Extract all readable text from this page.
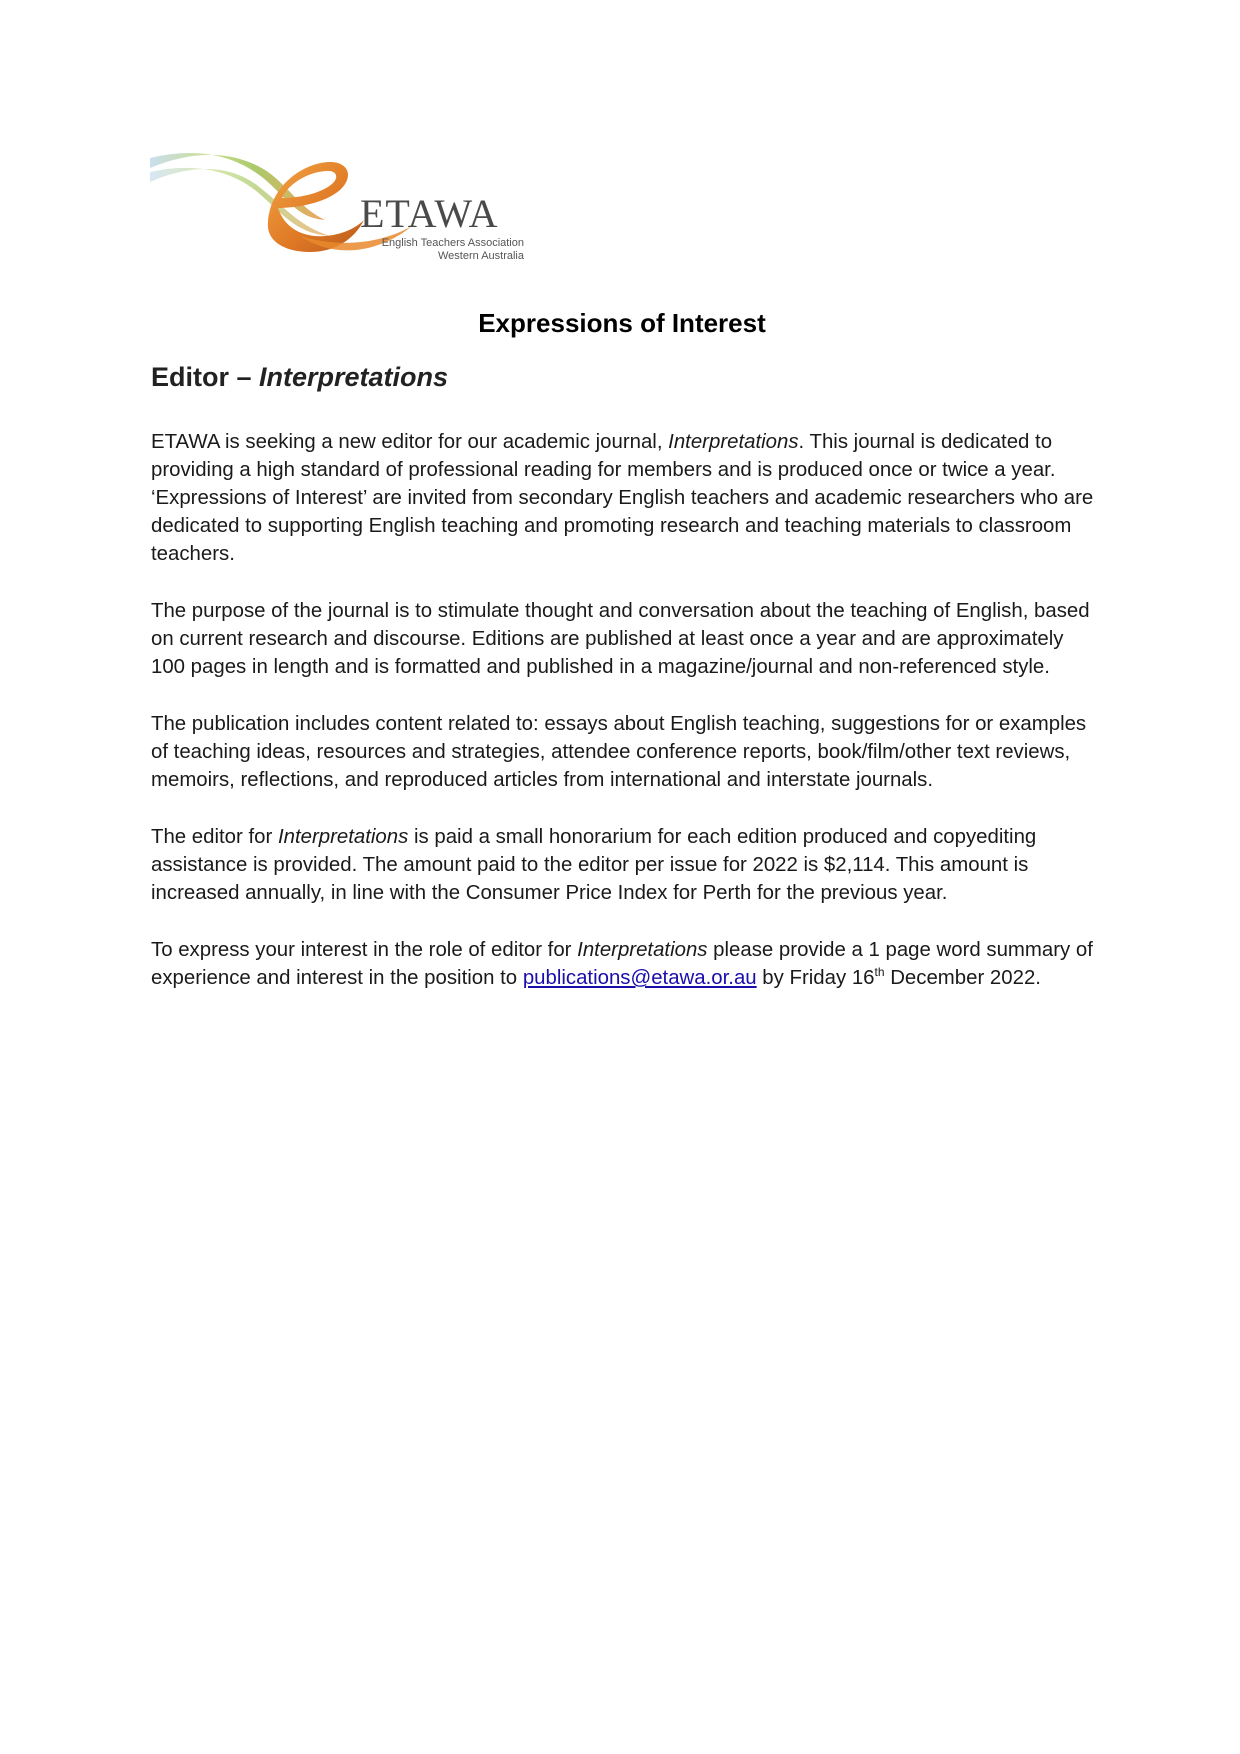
ETAWA
English Teachers Association
Western Australia
Expressions of Interest
Editor – Interpretations

ETAWA is seeking a new editor for our academic journal, Interpretations. This journal is dedicated to providing a high standard of professional reading for members and is produced once or twice a year. ‘Expressions of Interest’ are invited from secondary English teachers and academic researchers who are dedicated to supporting English teaching and promoting research and teaching materials to classroom teachers.

The purpose of the journal is to stimulate thought and conversation about the teaching of English, based on current research and discourse. Editions are published at least once a year and are approximately 100 pages in length and is formatted and published in a magazine/journal and non-referenced style.

The publication includes content related to: essays about English teaching, suggestions for or examples of teaching ideas, resources and strategies, attendee conference reports, book/film/other text reviews, memoirs, reflections, and reproduced articles from international and interstate journals.

The editor for Interpretations is paid a small honorarium for each edition produced and copyediting assistance is provided. The amount paid to the editor per issue for 2022 is $2,114. This amount is increased annually, in line with the Consumer Price Index for Perth for the previous year.

To express your interest in the role of editor for Interpretations please provide a 1 page word summary of experience and interest in the position to publications@etawa.or.au by Friday 16th December 2022.
